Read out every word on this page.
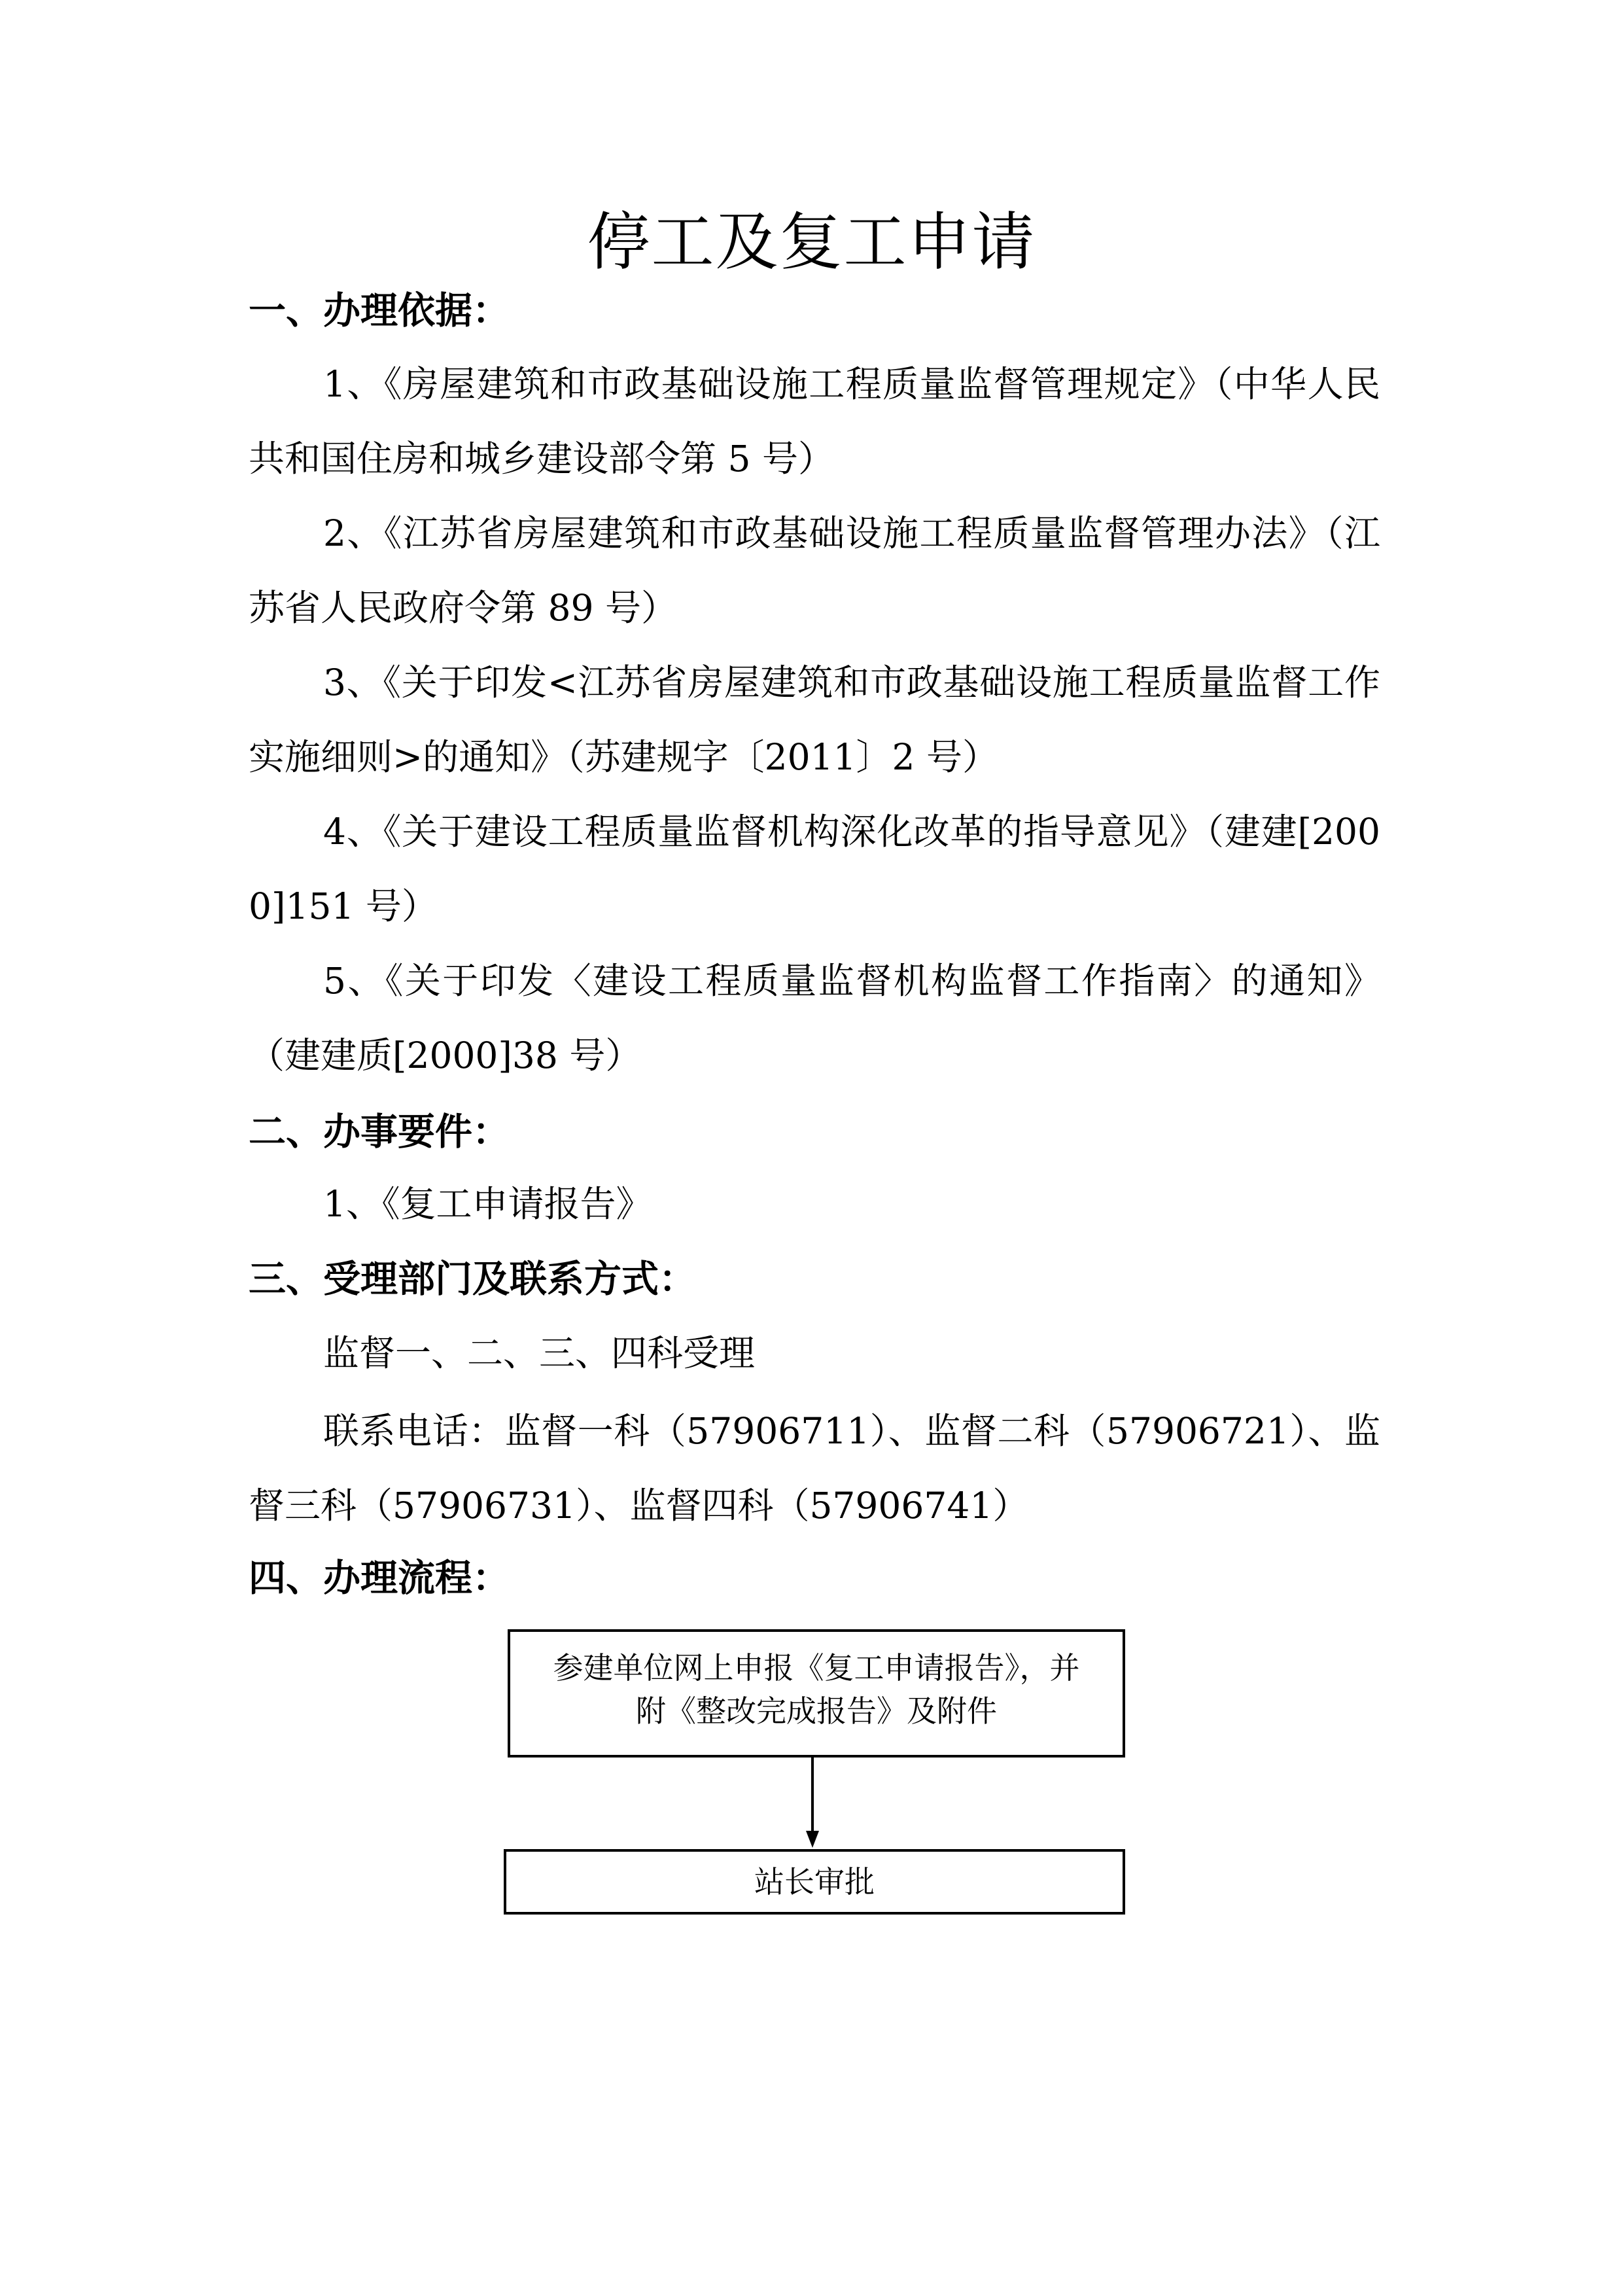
停工及复工申请
一、办理依据：
1、《房屋建筑和市政基础设施工程质量监督管理规定》（中华人民共和国住房和城乡建设部令第 5 号）
2、《江苏省房屋建筑和市政基础设施工程质量监督管理办法》（江苏省人民政府令第 89 号）
3、《关于印发<江苏省房屋建筑和市政基础设施工程质量监督工作实施细则>的通知》（苏建规字〔2011〕2 号）
4、《关于建设工程质量监督机构深化改革的指导意见》（建建[2000]151 号）
5、《关于印发〈建设工程质量监督机构监督工作指南〉的通知》（建建质[2000]38 号）
二、办事要件：
1、《复工申请报告》
三、受理部门及联系方式：
监督一、二、三、四科受理
联系电话：监督一科（57906711）、监督二科（57906721）、监督三科（57906731）、监督四科（57906741）
四、办理流程：
参建单位网上申报《复工申请报告》，并
附《整改完成报告》及附件
站长审批
